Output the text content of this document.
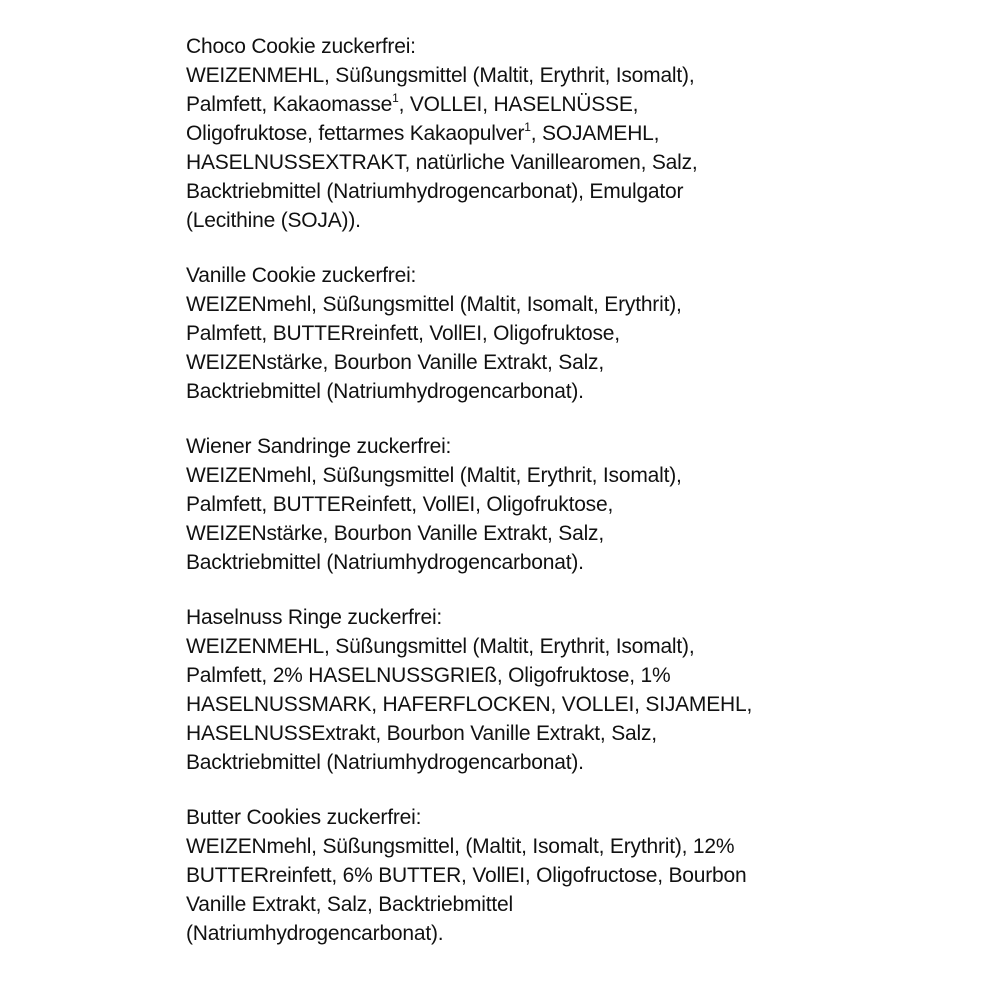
Choco Cookie zuckerfrei:
WEIZENMEHL, Süßungsmittel (Maltit, Erythrit, Isomalt),
Palmfett, Kakaomasse$^1$, VOLLEI, HASELNÜSSE,
Oligofruktose, fettarmes Kakaopulver$^1$, SOJAMEHL,
HASELNUSSEXTRAKT, natürliche Vanillearomen, Salz,
Backtriebmittel (Natriumhydrogencarbonat), Emulgator
(Lecithine (SOJA)).
Vanille Cookie zuckerfrei:
WEIZENmehl, Süßungsmittel (Maltit, Isomalt, Erythrit),
Palmfett, BUTTERreinfett, VollEI, Oligofruktose,
WEIZENstärke, Bourbon Vanille Extrakt, Salz,
Backtriebmittel (Natriumhydrogencarbonat).
Wiener Sandringe zuckerfrei:
WEIZENmehl, Süßungsmittel (Maltit, Erythrit, Isomalt),
Palmfett, BUTTEReinfett, VollEI, Oligofruktose,
WEIZENstärke, Bourbon Vanille Extrakt, Salz,
Backtriebmittel (Natriumhydrogencarbonat).
Haselnuss Ringe zuckerfrei:
WEIZENMEHL, Süßungsmittel (Maltit, Erythrit, Isomalt),
Palmfett, 2% HASELNUSSGRIEß, Oligofruktose, 1%
HASELNUSSMARK, HAFERFLOCKEN, VOLLEI, SIJAMEHL,
HASELNUSSExtrakt, Bourbon Vanille Extrakt, Salz,
Backtriebmittel (Natriumhydrogencarbonat).
Butter Cookies zuckerfrei:
WEIZENmehl, Süßungsmittel, (Maltit, Isomalt, Erythrit), 12%
BUTTERreinfett, 6% BUTTER, VollEI, Oligofructose, Bourbon
Vanille Extrakt, Salz, Backtriebmittel
(Natriumhydrogencarbonat).
